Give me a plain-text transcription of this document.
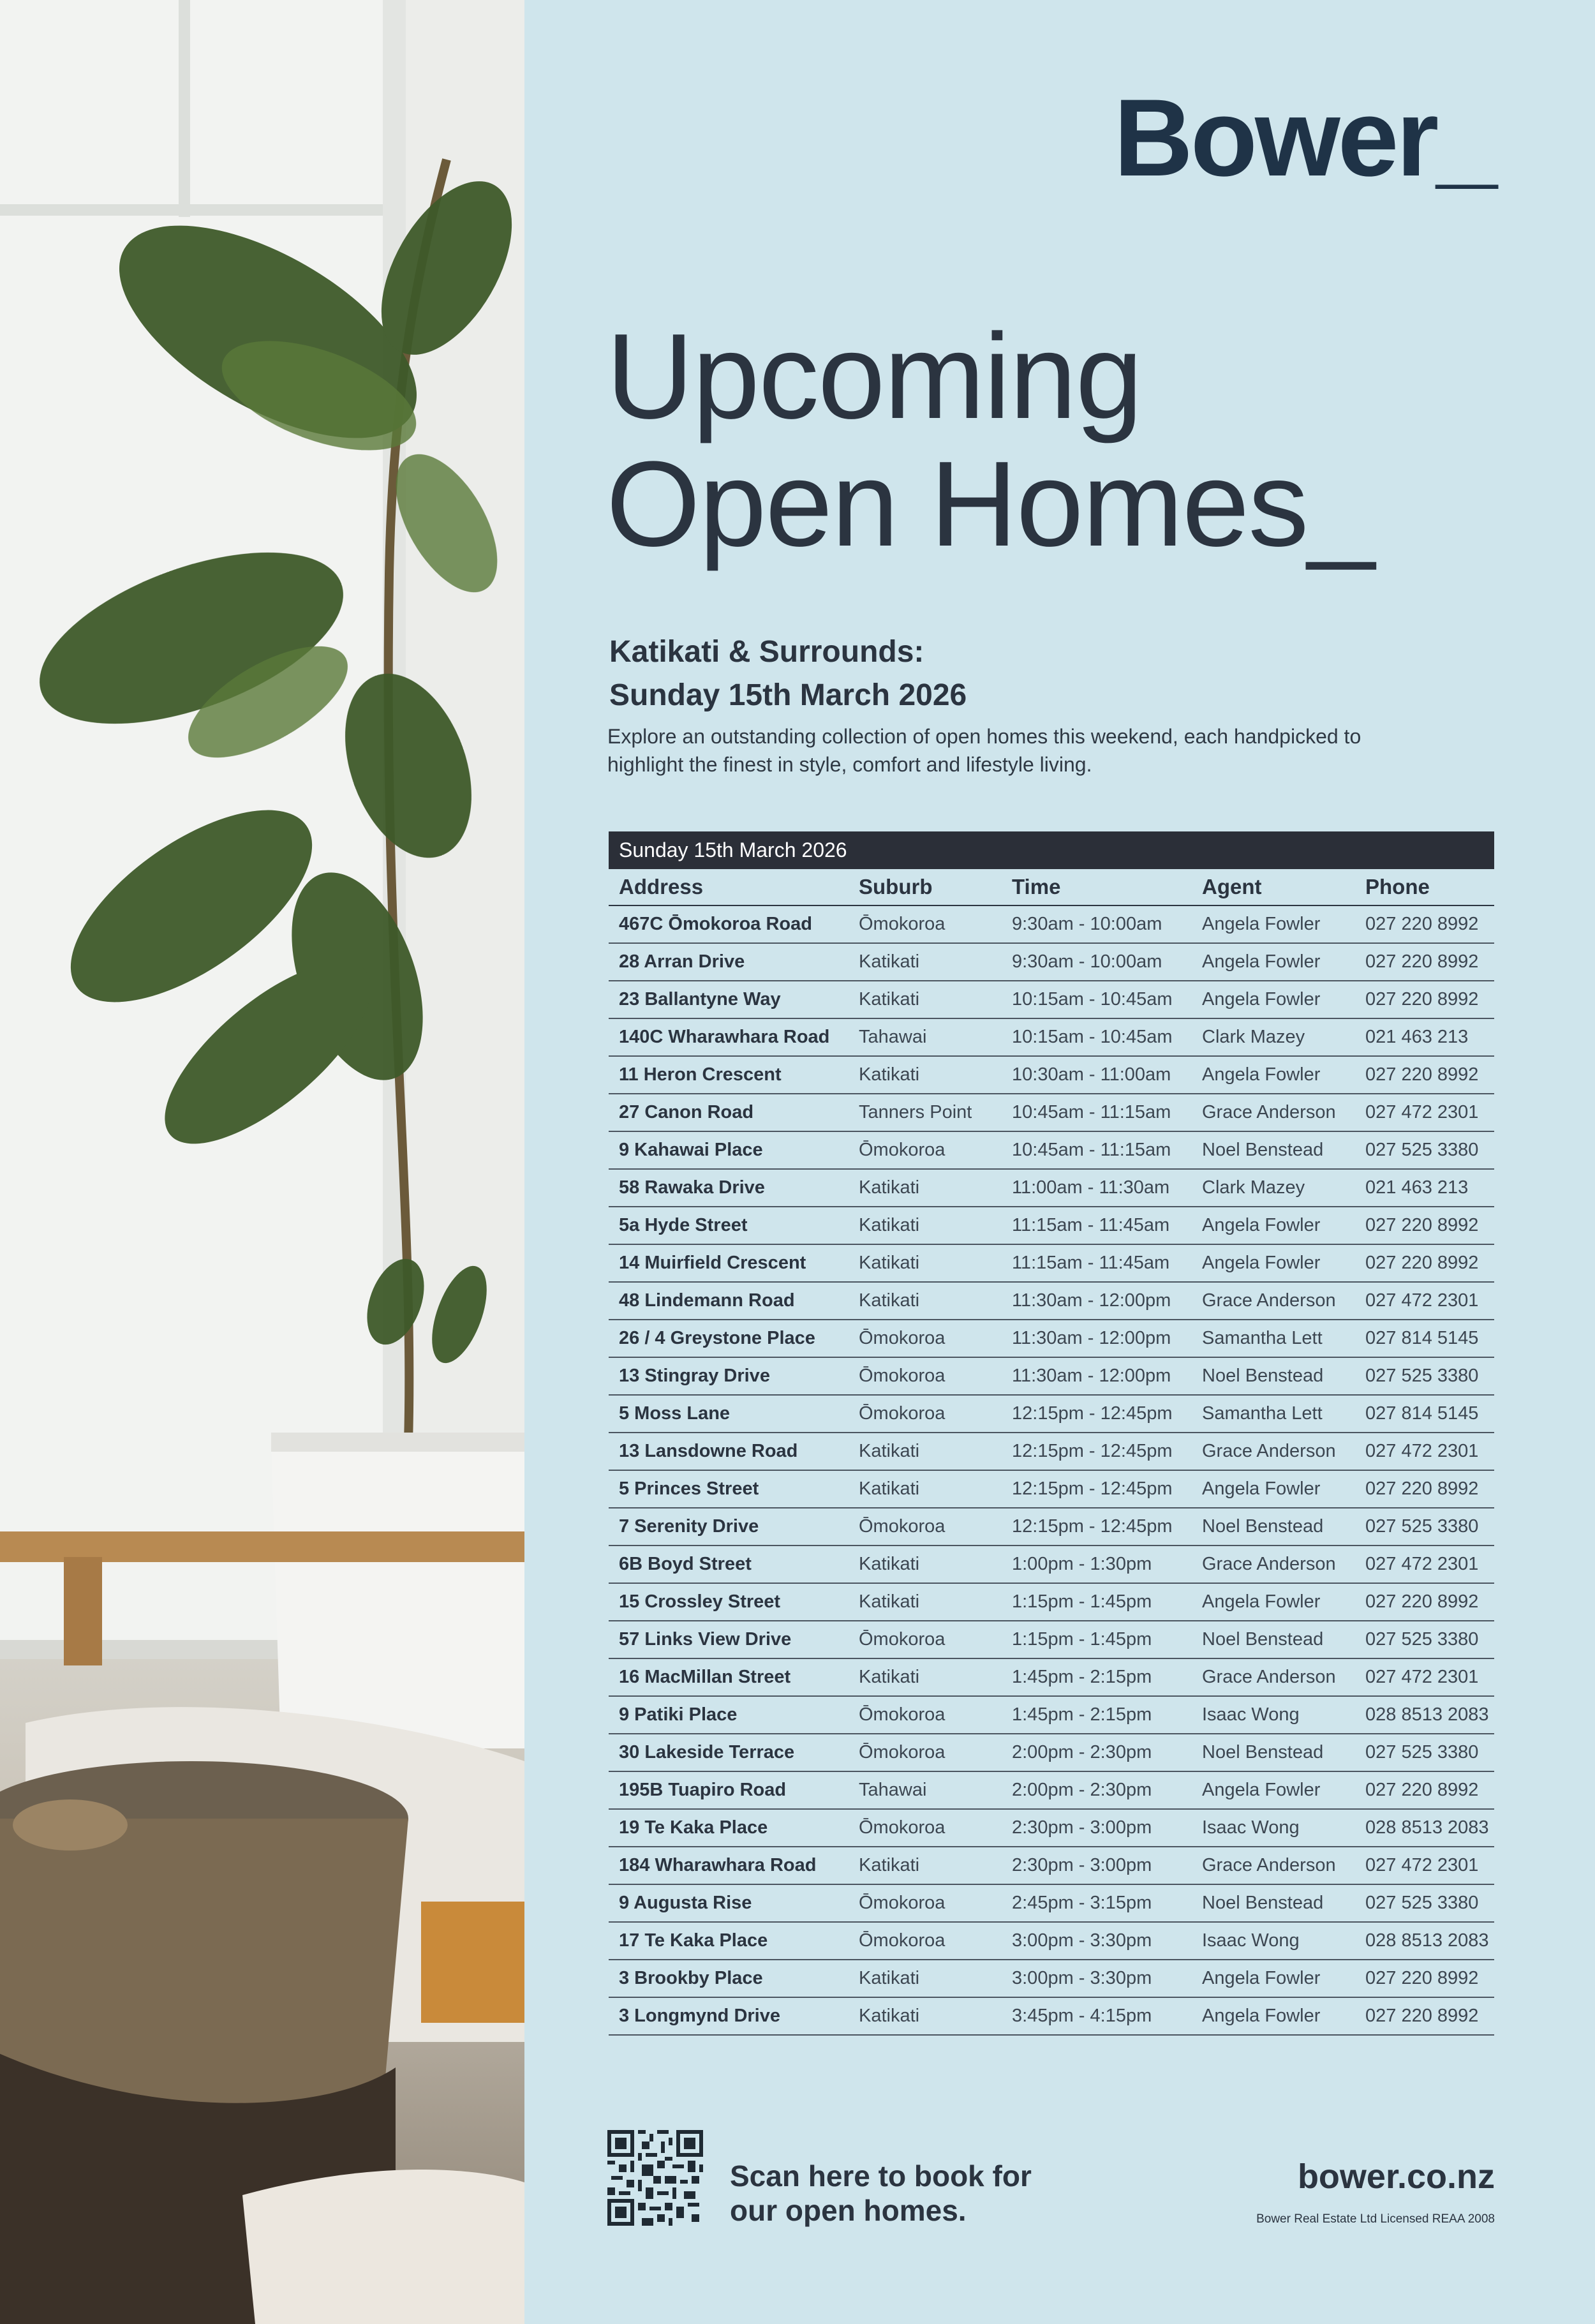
Bower_
Upcoming
Open Homes_
Katikati & Surrounds:
Sunday 15th March 2026
Explore an outstanding collection of open homes this weekend, each handpicked to
highlight the finest in style, comfort and lifestyle living.
Sunday 15th March 2026
Address	Suburb	Time	Agent	Phone
467C Ōmokoroa Road	Ōmokoroa	9:30am - 10:00am	Angela Fowler	027 220 8992
28 Arran Drive	Katikati	9:30am - 10:00am	Angela Fowler	027 220 8992
23 Ballantyne Way	Katikati	10:15am - 10:45am	Angela Fowler	027 220 8992
140C Wharawhara Road	Tahawai	10:15am - 10:45am	Clark Mazey	021 463 213
11 Heron Crescent	Katikati	10:30am - 11:00am	Angela Fowler	027 220 8992
27 Canon Road	Tanners Point	10:45am - 11:15am	Grace Anderson	027 472 2301
9 Kahawai Place	Ōmokoroa	10:45am - 11:15am	Noel Benstead	027 525 3380
58 Rawaka Drive	Katikati	11:00am - 11:30am	Clark Mazey	021 463 213
5a Hyde Street	Katikati	11:15am - 11:45am	Angela Fowler	027 220 8992
14 Muirfield Crescent	Katikati	11:15am - 11:45am	Angela Fowler	027 220 8992
48 Lindemann Road	Katikati	11:30am - 12:00pm	Grace Anderson	027 472 2301
26 / 4 Greystone Place	Ōmokoroa	11:30am - 12:00pm	Samantha Lett	027 814 5145
13 Stingray Drive	Ōmokoroa	11:30am - 12:00pm	Noel Benstead	027 525 3380
5 Moss Lane	Ōmokoroa	12:15pm - 12:45pm	Samantha Lett	027 814 5145
13 Lansdowne Road	Katikati	12:15pm - 12:45pm	Grace Anderson	027 472 2301
5 Princes Street	Katikati	12:15pm - 12:45pm	Angela Fowler	027 220 8992
7 Serenity Drive	Ōmokoroa	12:15pm - 12:45pm	Noel Benstead	027 525 3380
6B Boyd Street	Katikati	1:00pm - 1:30pm	Grace Anderson	027 472 2301
15 Crossley Street	Katikati	1:15pm - 1:45pm	Angela Fowler	027 220 8992
57 Links View Drive	Ōmokoroa	1:15pm - 1:45pm	Noel Benstead	027 525 3380
16 MacMillan Street	Katikati	1:45pm - 2:15pm	Grace Anderson	027 472 2301
9 Patiki Place	Ōmokoroa	1:45pm - 2:15pm	Isaac Wong	028 8513 2083
30 Lakeside Terrace	Ōmokoroa	2:00pm - 2:30pm	Noel Benstead	027 525 3380
195B Tuapiro Road	Tahawai	2:00pm - 2:30pm	Angela Fowler	027 220 8992
19 Te Kaka Place	Ōmokoroa	2:30pm - 3:00pm	Isaac Wong	028 8513 2083
184 Wharawhara Road	Katikati	2:30pm - 3:00pm	Grace Anderson	027 472 2301
9 Augusta Rise	Ōmokoroa	2:45pm - 3:15pm	Noel Benstead	027 525 3380
17 Te Kaka Place	Ōmokoroa	3:00pm - 3:30pm	Isaac Wong	028 8513 2083
3 Brookby Place	Katikati	3:00pm - 3:30pm	Angela Fowler	027 220 8992
3 Longmynd Drive	Katikati	3:45pm - 4:15pm	Angela Fowler	027 220 8992
Scan here to book for
our open homes.
bower.co.nz
Bower Real Estate Ltd Licensed REAA 2008
